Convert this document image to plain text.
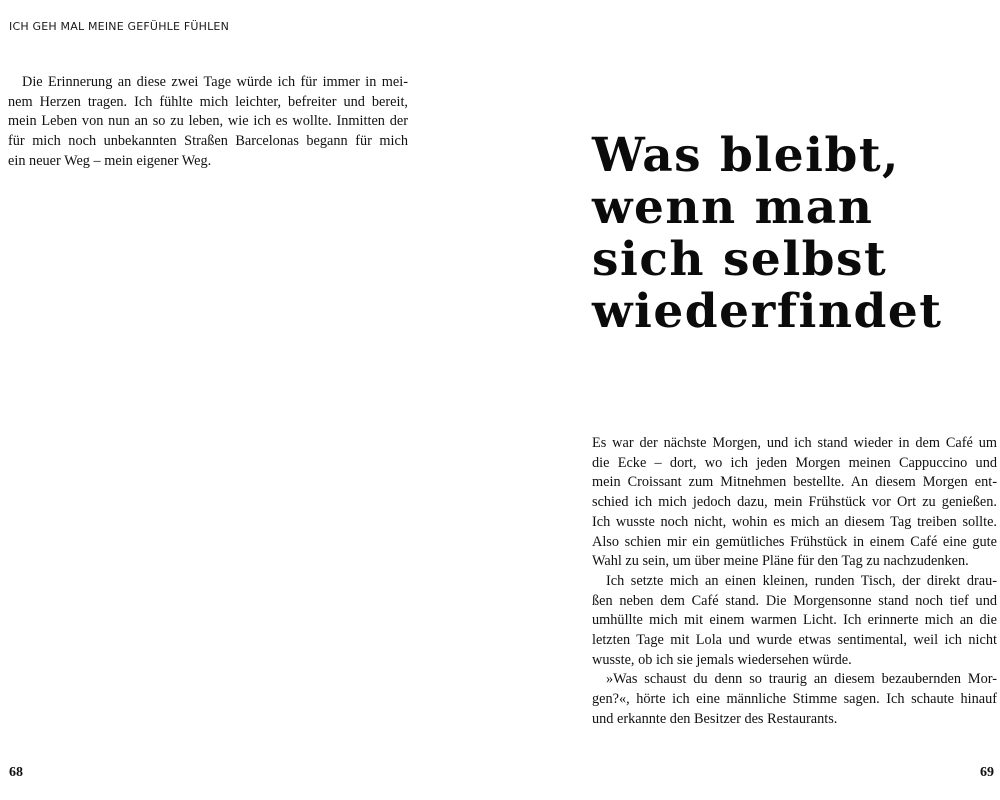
ICH GEH MAL MEINE GEFÜHLE FÜHLEN
Die Erinnerung an diese zwei Tage würde ich für immer in mei-
nem Herzen tragen. Ich fühlte mich leichter, befreiter und bereit,
mein Leben von nun an so zu leben, wie ich es wollte. Inmitten der
für mich noch unbekannten Straßen Barcelonas begann für mich
ein neuer Weg – mein eigener Weg.	Was bleibt,
wenn man
sich selbst
wiederfindet
Es war der nächste Morgen, und ich stand wieder in dem Café um
die Ecke – dort, wo ich jeden Morgen meinen Cappuccino und
mein Croissant zum Mitnehmen bestellte. An diesem Morgen ent-
schied ich mich jedoch dazu, mein Frühstück vor Ort zu genießen.
Ich wusste noch nicht, wohin es mich an diesem Tag treiben sollte.
Also schien mir ein gemütliches Frühstück in einem Café eine gute
Wahl zu sein, um über meine Pläne für den Tag zu nachzudenken.
Ich setzte mich an einen kleinen, runden Tisch, der direkt drau-
ßen neben dem Café stand. Die Morgensonne stand noch tief und
umhüllte mich mit einem warmen Licht. Ich erinnerte mich an die
letzten Tage mit Lola und wurde etwas sentimental, weil ich nicht
wusste, ob ich sie jemals wiedersehen würde.
»Was schaust du denn so traurig an diesem bezaubernden Mor-
gen?«, hörte ich eine männliche Stimme sagen. Ich schaute hinauf
und erkannte den Besitzer des Restaurants.
68	69
